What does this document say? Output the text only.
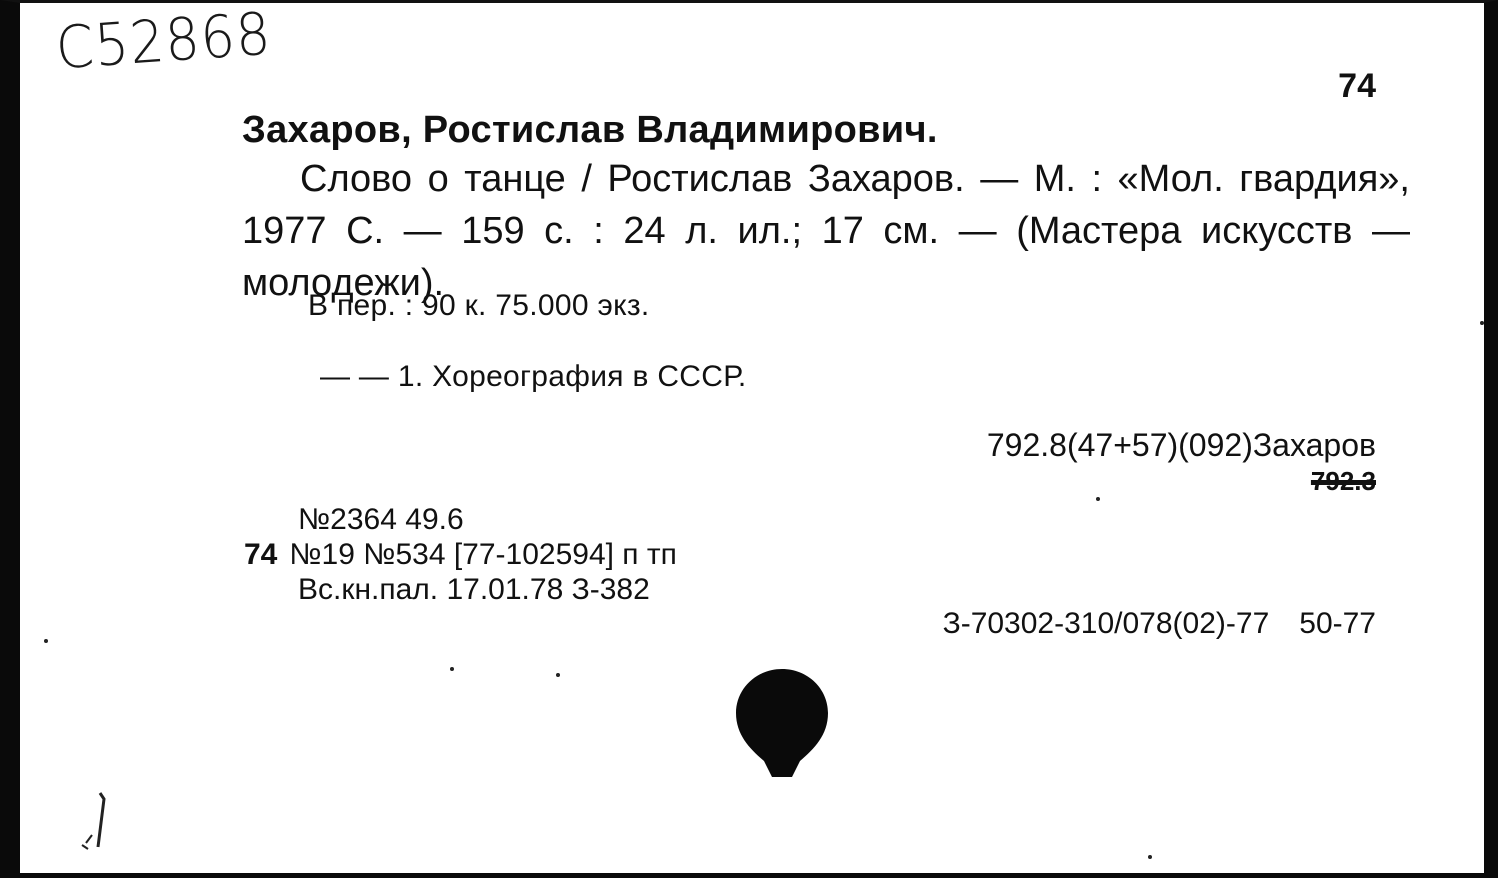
С52868
74
Захаров, Ростислав Владимирович.
Слово о танце / Ростислав Захаров. — М. : «Мол. гвардия», 1977 С. — 159 с. : 24 л. ил.; 17 см. — (Мастера искусств — молодежи).
В пер. : 90 к. 75.000 экз.
— — 1. Хореография в СССР.
792.8(47+57)(092)Захаров
792.3
№2364 49.6
74 №19 №534 [77-102594] п тп
Вс.кн.пал. 17.01.78 З-382
З-70302-310/078(02)-77 50-77
